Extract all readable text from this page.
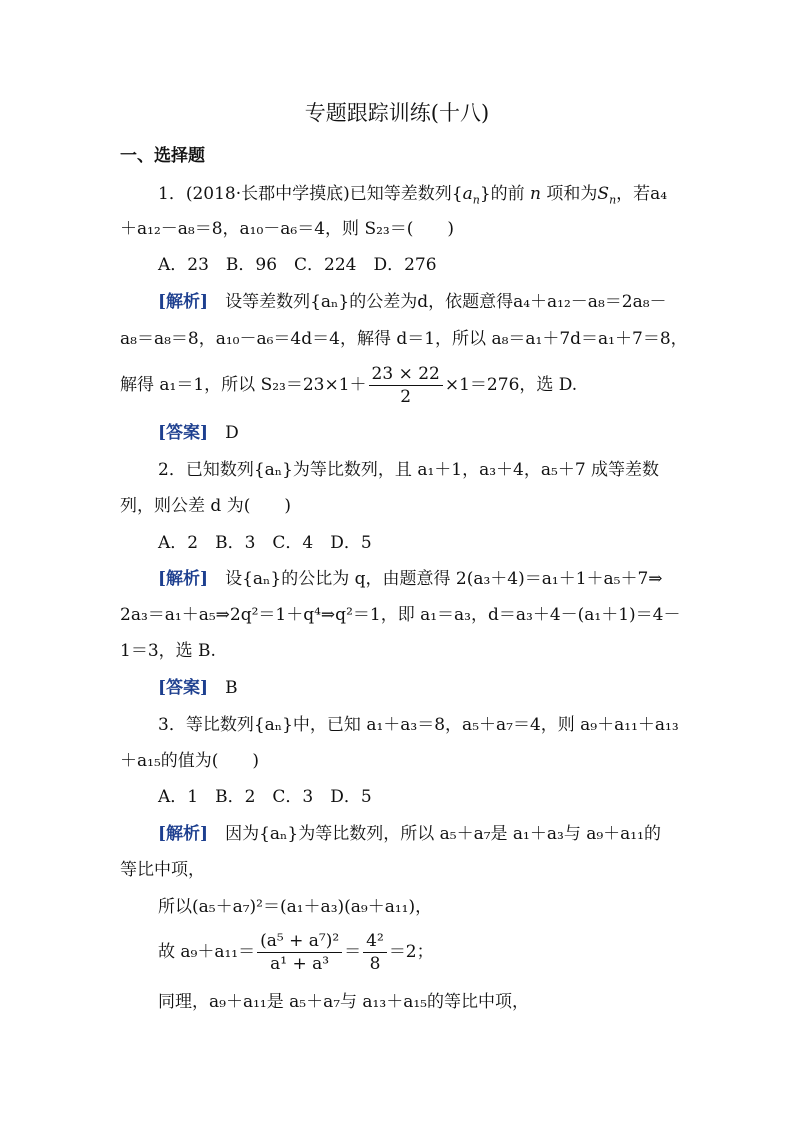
专题跟踪训练(十八)
一、选择题
1．(2018·长郡中学摸底)已知等差数列$\{a_n\}$的前 n 项和为$S_n$，若a₄
＋a₁₂－a₈＝8，a₁₀－a₆＝4，则 S₂₃＝(　　)
A．23　B．96　C．224　D．276
[解析]　 设等差数列{aₙ}的公差为d，依题意得a₄＋a₁₂－a₈＝2a₈－
a₈＝a₈＝8，a₁₀－a₆＝4d＝4，解得 d＝1，所以 a₈＝a₁＋7d＝a₁＋7＝8，
解得 a₁＝1，所以 $S_{23}=23\times 1+ \frac{23 \times 22}{2} \times 1=276$，选 D.
[答案]　 D
2．已知数列{aₙ}为等比数列，且 a₁＋1，a₃＋4，a₅＋7 成等差数
列，则公差 d 为(　　)
A．2　B．3　C．4　D．5
[解析]　 设{aₙ}的公比为 q，由题意得 2(a₃＋4)＝a₁＋1＋a₅＋7⇒
2a₃＝a₁＋a₅⇒2q²＝1＋q⁴⇒q²＝1，即 a₁＝a₃，d＝a₃＋4－(a₁＋1)＝4－
1＝3，选 B.
[答案]　 B
3．等比数列{aₙ}中，已知 a₁＋a₃＝8，a₅＋a₇＝4，则 a₉＋a₁₁＋a₁₃
＋a₁₅的值为(　　)
A．1　B．2　C．3　D．5
[解析]　 因为{aₙ}为等比数列，所以 a₅＋a₇是 a₁＋a₃与 a₉＋a₁₁的
等比中项，
所以(a₅＋a₇)²＝(a₁＋a₃)(a₉＋a₁₁)，
故 $a_9+a_{11}= \frac{\text{(a⁵ + a⁷)²}}{\text{a¹ + a³}} = \frac{\text{4²}}{8} =2$；
同理，a₉＋a₁₁是 a₅＋a₇与 a₁₃＋a₁₅的等比中项，
